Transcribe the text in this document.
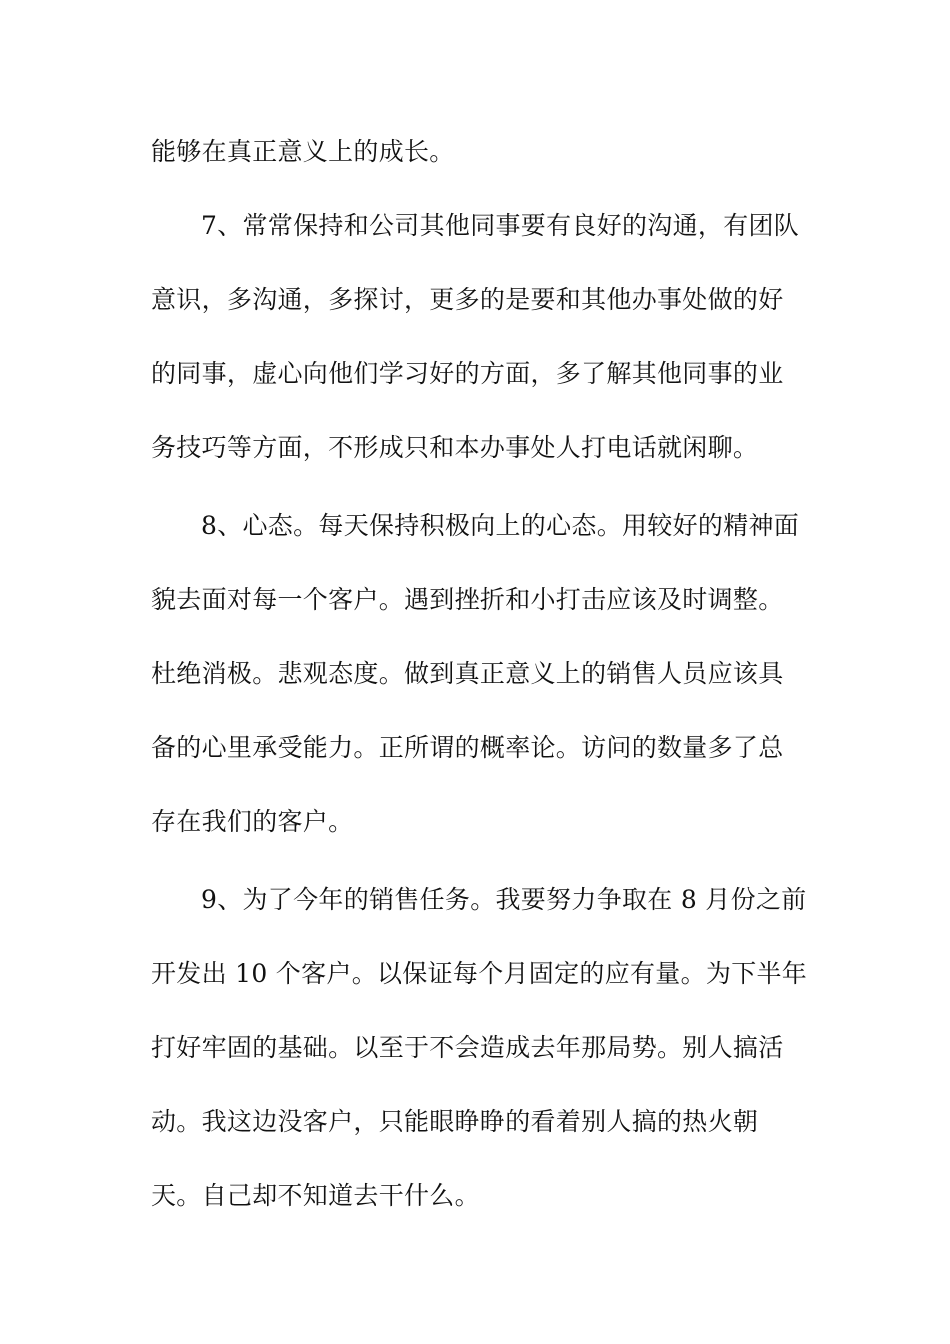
能够在真正意义上的成长。
7、常常保持和公司其他同事要有良好的沟通，有团队
意识，多沟通，多探讨，更多的是要和其他办事处做的好
的同事，虚心向他们学习好的方面，多了解其他同事的业
务技巧等方面，不形成只和本办事处人打电话就闲聊。
8、心态。每天保持积极向上的心态。用较好的精神面
貌去面对每一个客户。遇到挫折和小打击应该及时调整。
杜绝消极。悲观态度。做到真正意义上的销售人员应该具
备的心里承受能力。正所谓的概率论。访问的数量多了总
存在我们的客户。
9、为了今年的销售任务。我要努力争取在 8 月份之前
开发出 10 个客户。以保证每个月固定的应有量。为下半年
打好牢固的基础。以至于不会造成去年那局势。别人搞活
动。我这边没客户，只能眼睁睁的看着别人搞的热火朝
天。自己却不知道去干什么。
